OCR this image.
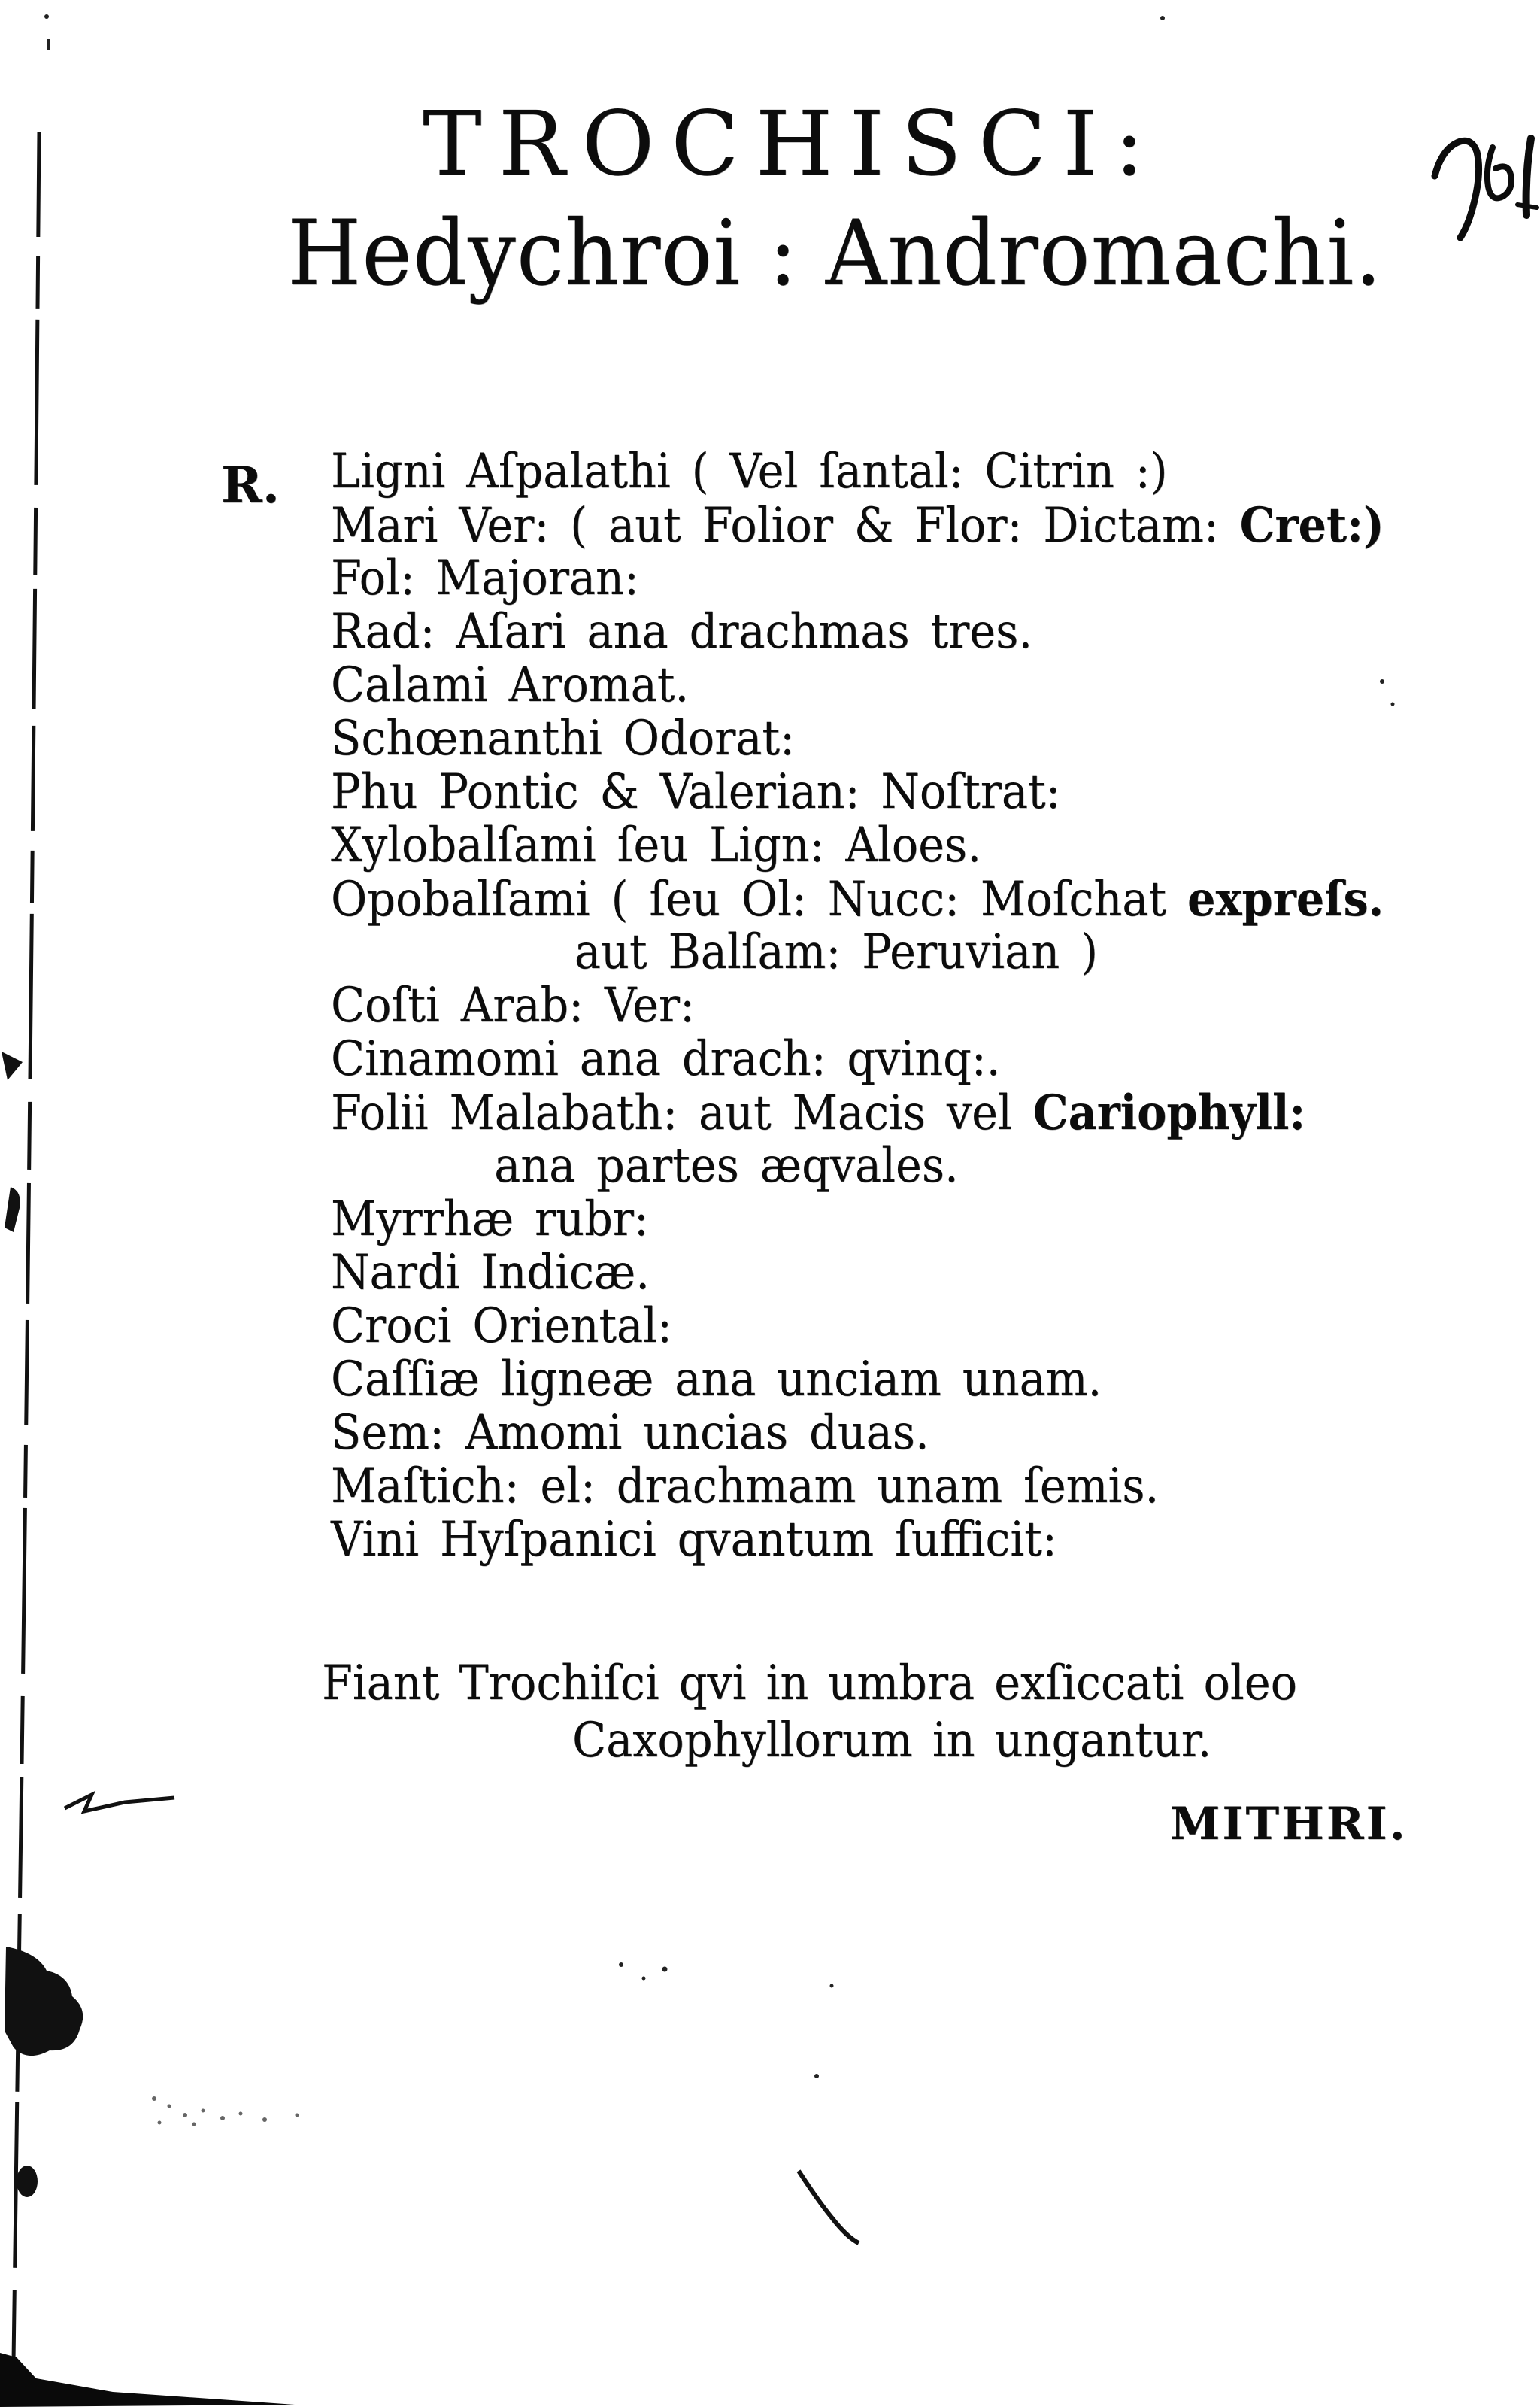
TROCHISCI:
Hedychroi : Andromachi.
R. Ligni Aſpalathi ( Vel ſantal: Citrin :)
Mari Ver: ( aut Folior & Flor: Dictam: Cret:)
Fol: Majoran:
Rad: Aſari ana drachmas tres.
Calami Aromat.
Schœnanthi Odorat:
Phu Pontic & Valerian: Noſtrat:
Xylobalſami ſeu Lign: Aloes.
Opobalſami ( ſeu Ol: Nucc: Moſchat expreſs.
aut Balſam: Peruvian )
Coſti Arab: Ver:
Cinamomi ana drach: qvinq:.
Folii Malabath: aut Macis vel Cariophyll:
ana partes æqvales.
Myrrhæ rubr:
Nardi Indicæ.
Croci Oriental:
Caſſiæ ligneæ ana unciam unam.
Sem: Amomi uncias duas.
Maſtich: el: drachmam unam ſemis.
Vini Hyſpanici qvantum ſufficit:
Fiant Trochiſci qvi in umbra exſiccati oleo
Caxophyllorum in ungantur.
MITHRI.
